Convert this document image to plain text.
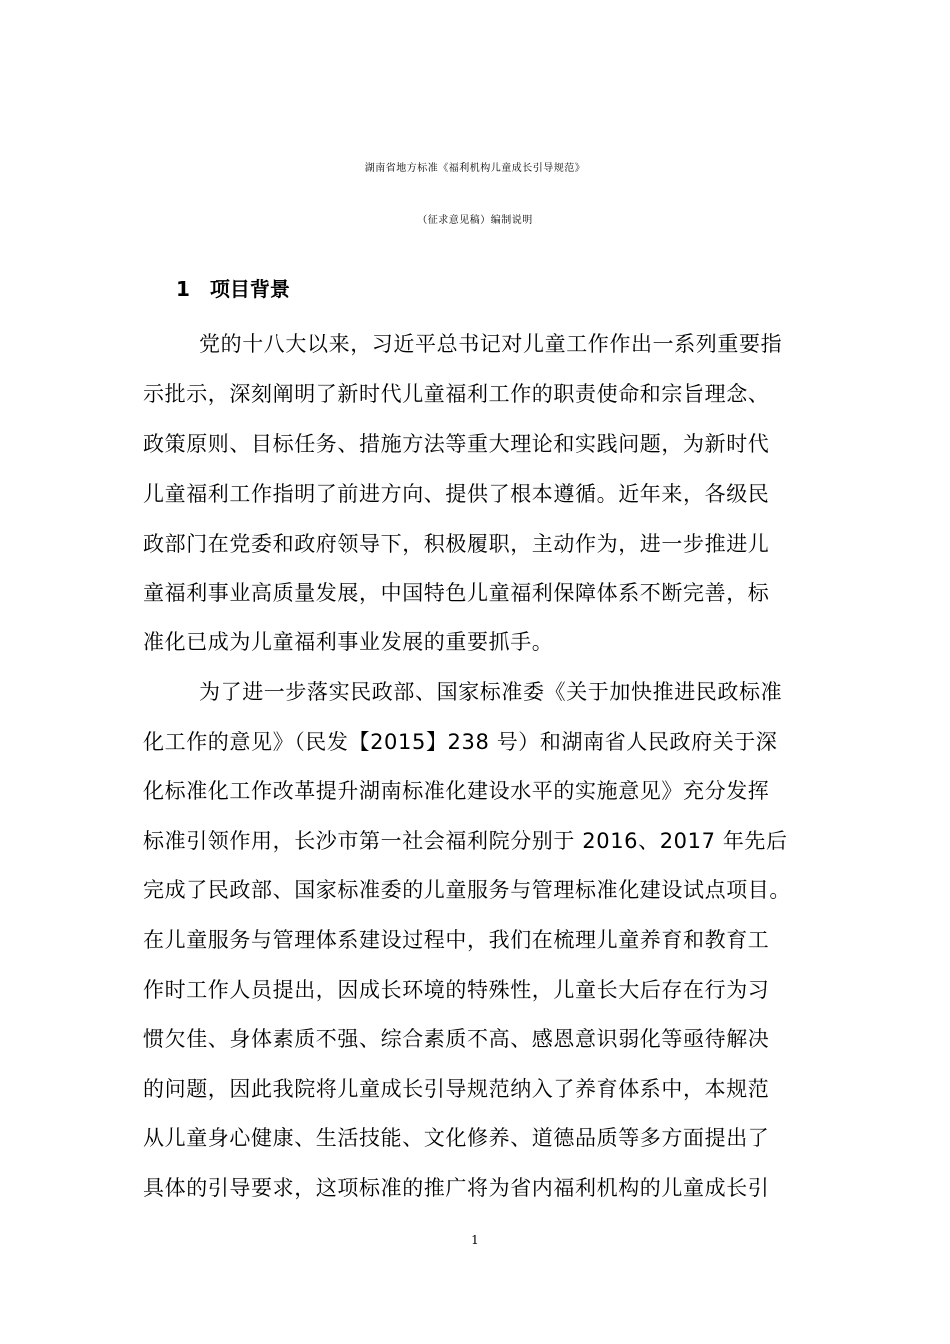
湖南省地方标准《福利机构儿童成长引导规范》
（征求意见稿）编制说明
1 项目背景
党的十八大以来，习近平总书记对儿童工作作出一系列重要指
示批示，深刻阐明了新时代儿童福利工作的职责使命和宗旨理念、
政策原则、目标任务、措施方法等重大理论和实践问题，为新时代
儿童福利工作指明了前进方向、提供了根本遵循。近年来，各级民
政部门在党委和政府领导下，积极履职，主动作为，进一步推进儿
童福利事业高质量发展，中国特色儿童福利保障体系不断完善，标
准化已成为儿童福利事业发展的重要抓手。
为了进一步落实民政部、国家标准委《关于加快推进民政标准
化工作的意见》（民发【2015】238 号）和湖南省人民政府关于深
化标准化工作改革提升湖南标准化建设水平的实施意见》充分发挥
标准引领作用，长沙市第一社会福利院分别于 2016、2017 年先后
完成了民政部、国家标准委的儿童服务与管理标准化建设试点项目。
在儿童服务与管理体系建设过程中，我们在梳理儿童养育和教育工
作时工作人员提出，因成长环境的特殊性，儿童长大后存在行为习
惯欠佳、身体素质不强、综合素质不高、感恩意识弱化等亟待解决
的问题，因此我院将儿童成长引导规范纳入了养育体系中，本规范
从儿童身心健康、生活技能、文化修养、道德品质等多方面提出了
具体的引导要求，这项标准的推广将为省内福利机构的儿童成长引
1
